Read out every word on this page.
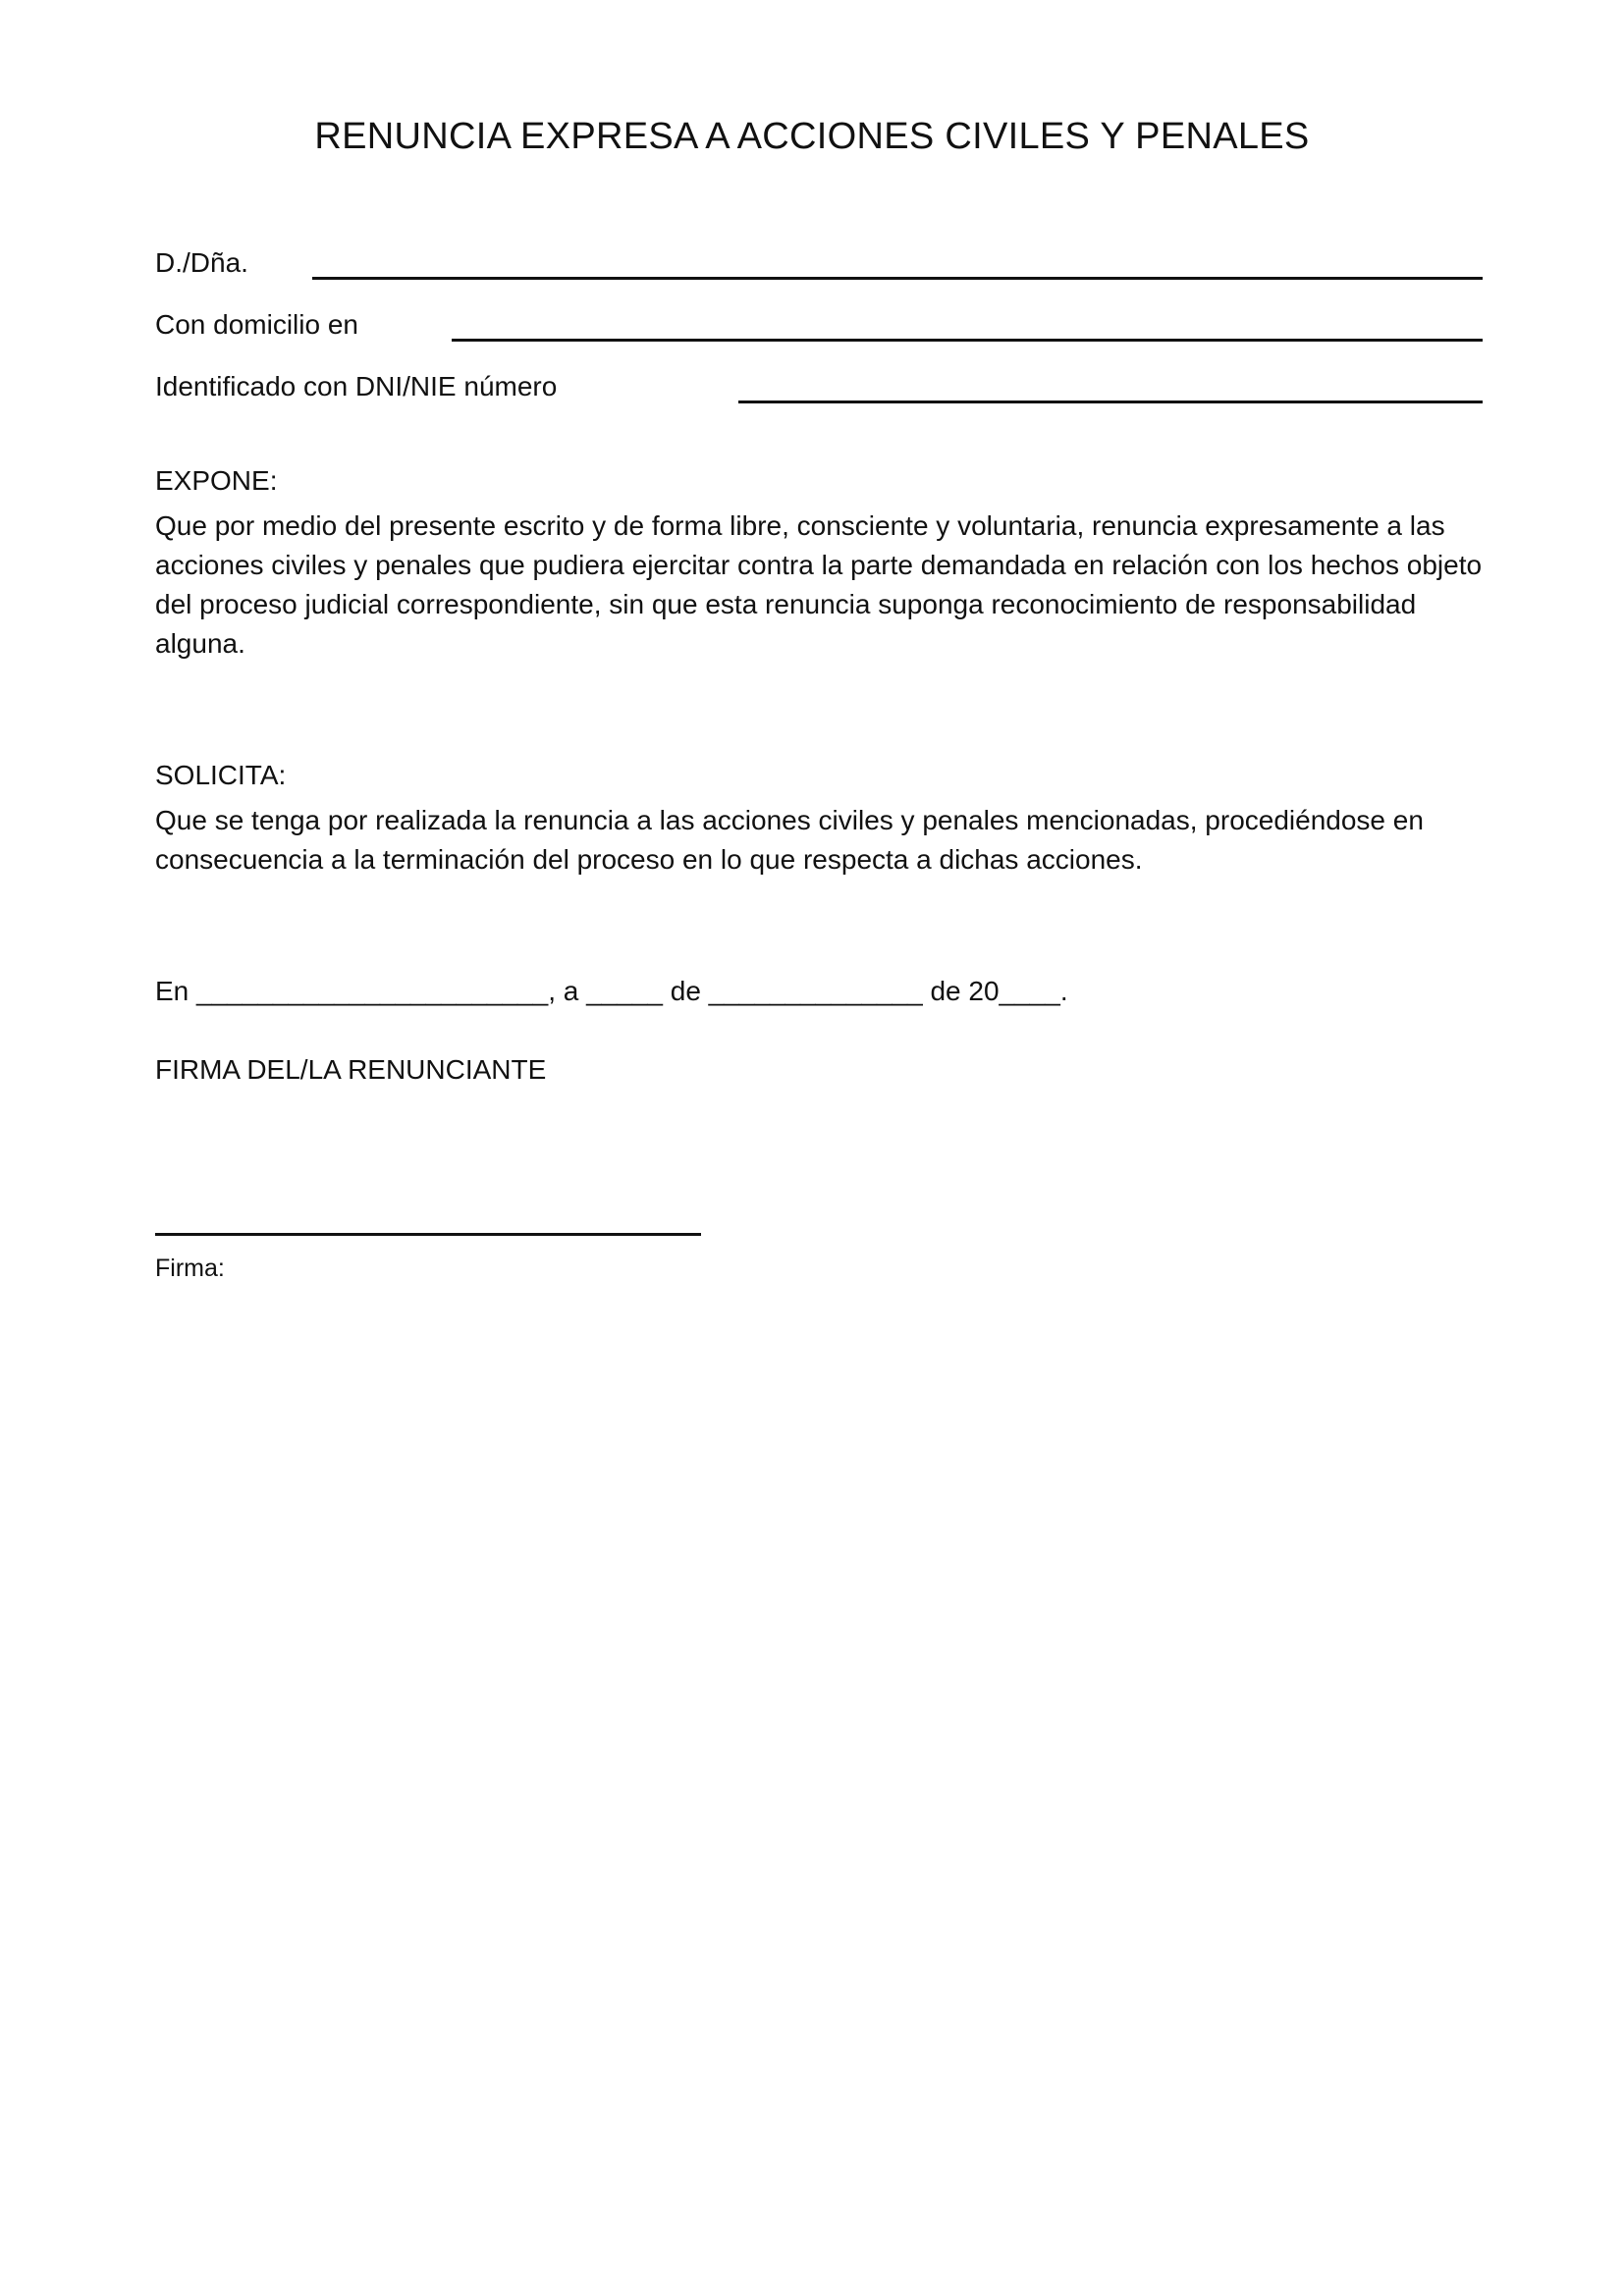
RENUNCIA EXPRESA A ACCIONES CIVILES Y PENALES
D./Dña.
Con domicilio en
Identificado con DNI/NIE número
EXPONE:
Que por medio del presente escrito y de forma libre, consciente y voluntaria, renuncia expresamente a las acciones civiles y penales que pudiera ejercitar contra la parte demandada en relación con los hechos objeto del proceso judicial correspondiente, sin que esta renuncia suponga reconocimiento de responsabilidad alguna.
SOLICITA:
Que se tenga por realizada la renuncia a las acciones civiles y penales mencionadas, procediéndose en consecuencia a la terminación del proceso en lo que respecta a dichas acciones.
En _______________________, a _____ de ______________ de 20____.
FIRMA DEL/LA RENUNCIANTE
Firma:
